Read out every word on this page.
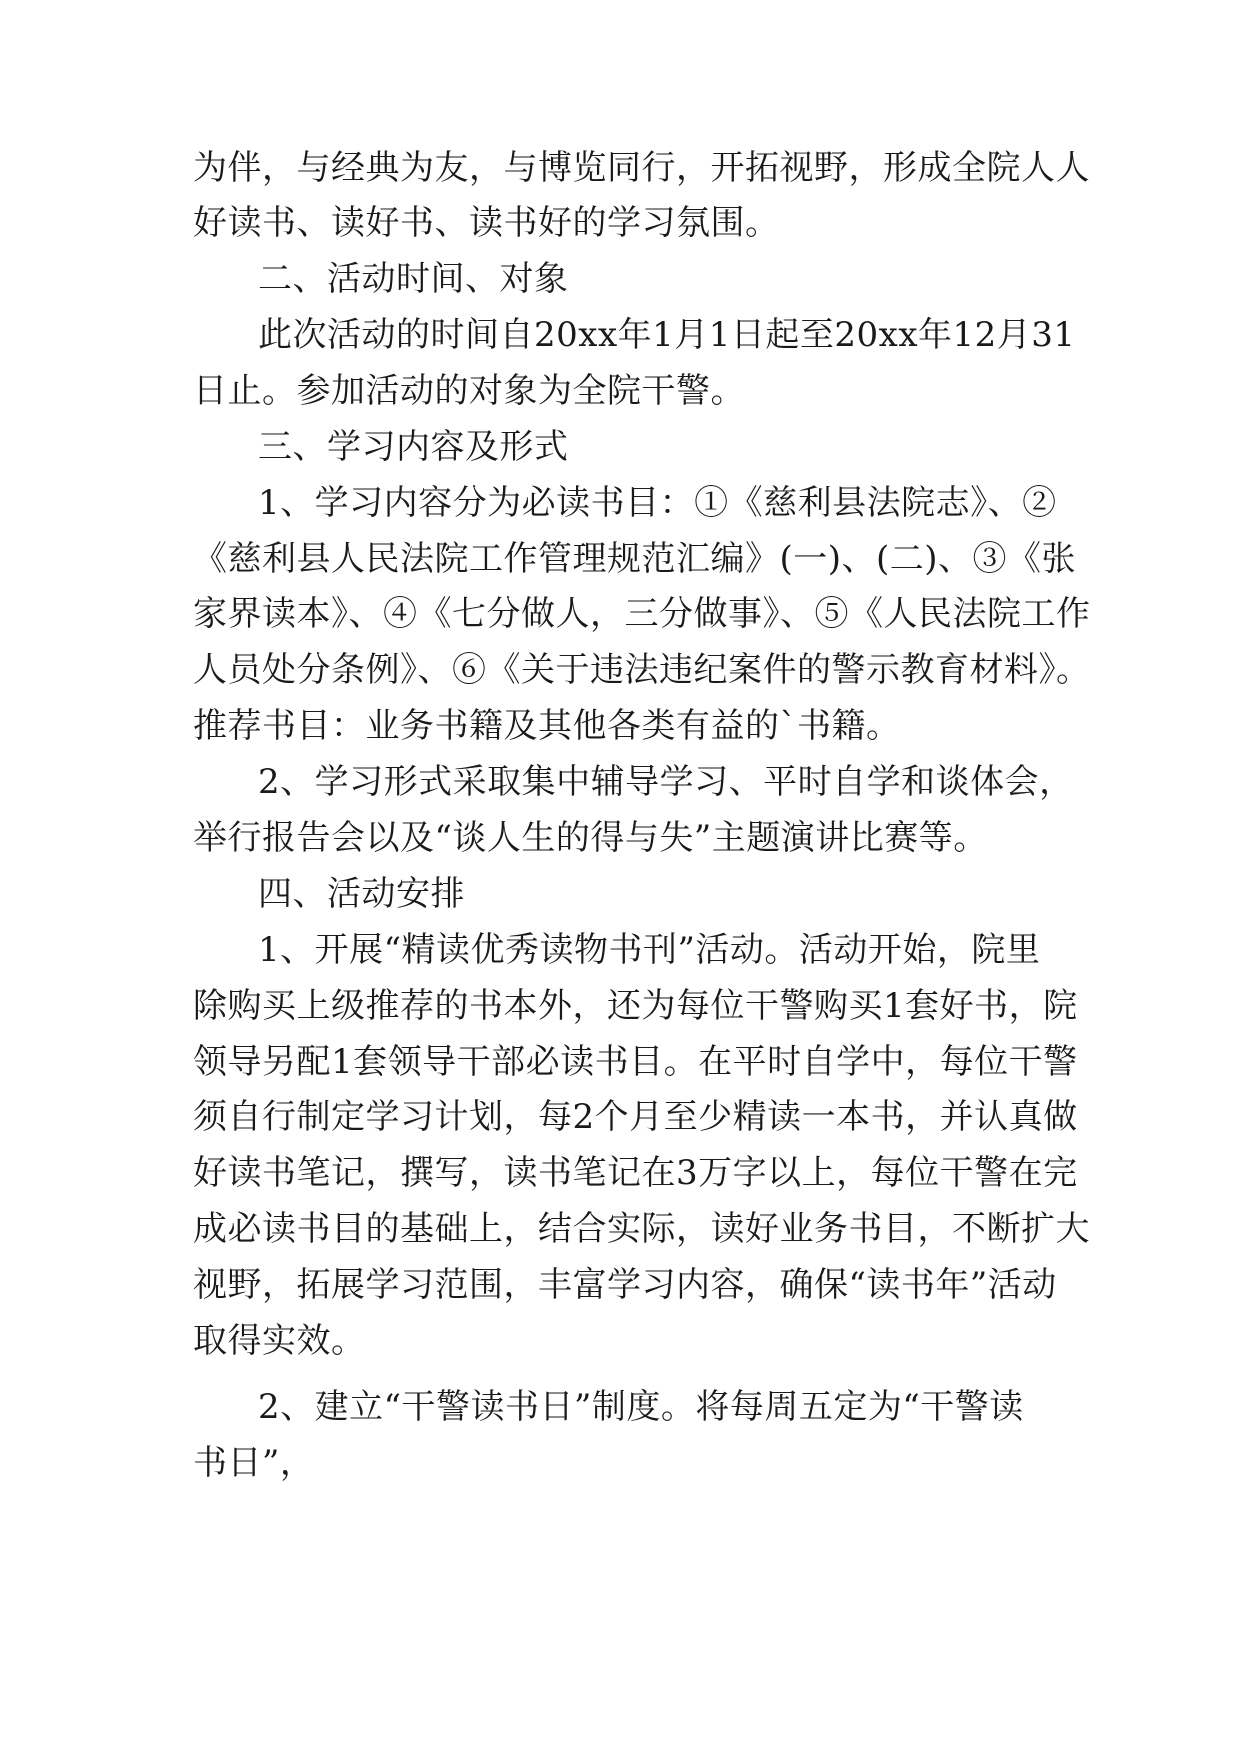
为伴，与经典为友，与博览同行，开拓视野，形成全院人人
好读书、读好书、读书好的学习氛围。
二、活动时间、对象
此次活动的时间自20xx年1月1日起至20xx年12月31
日止。参加活动的对象为全院干警。
三、学习内容及形式
1、学习内容分为必读书目：①《慈利县法院志》、②
《慈利县人民法院工作管理规范汇编》(一)、(二)、③《张
家界读本》、④《七分做人，三分做事》、⑤《人民法院工作
人员处分条例》、⑥《关于违法违纪案件的警示教育材料》。
推荐书目：业务书籍及其他各类有益的`书籍。
2、学习形式采取集中辅导学习、平时自学和谈体会，
举行报告会以及“谈人生的得与失”主题演讲比赛等。
四、活动安排
1、开展“精读优秀读物书刊”活动。活动开始，院里
除购买上级推荐的书本外，还为每位干警购买1套好书，院
领导另配1套领导干部必读书目。在平时自学中，每位干警
须自行制定学习计划，每2个月至少精读一本书，并认真做
好读书笔记，撰写，读书笔记在3万字以上，每位干警在完
成必读书目的基础上，结合实际，读好业务书目，不断扩大
视野，拓展学习范围，丰富学习内容，确保“读书年”活动
取得实效。
2、建立“干警读书日”制度。将每周五定为“干警读
书日”，
